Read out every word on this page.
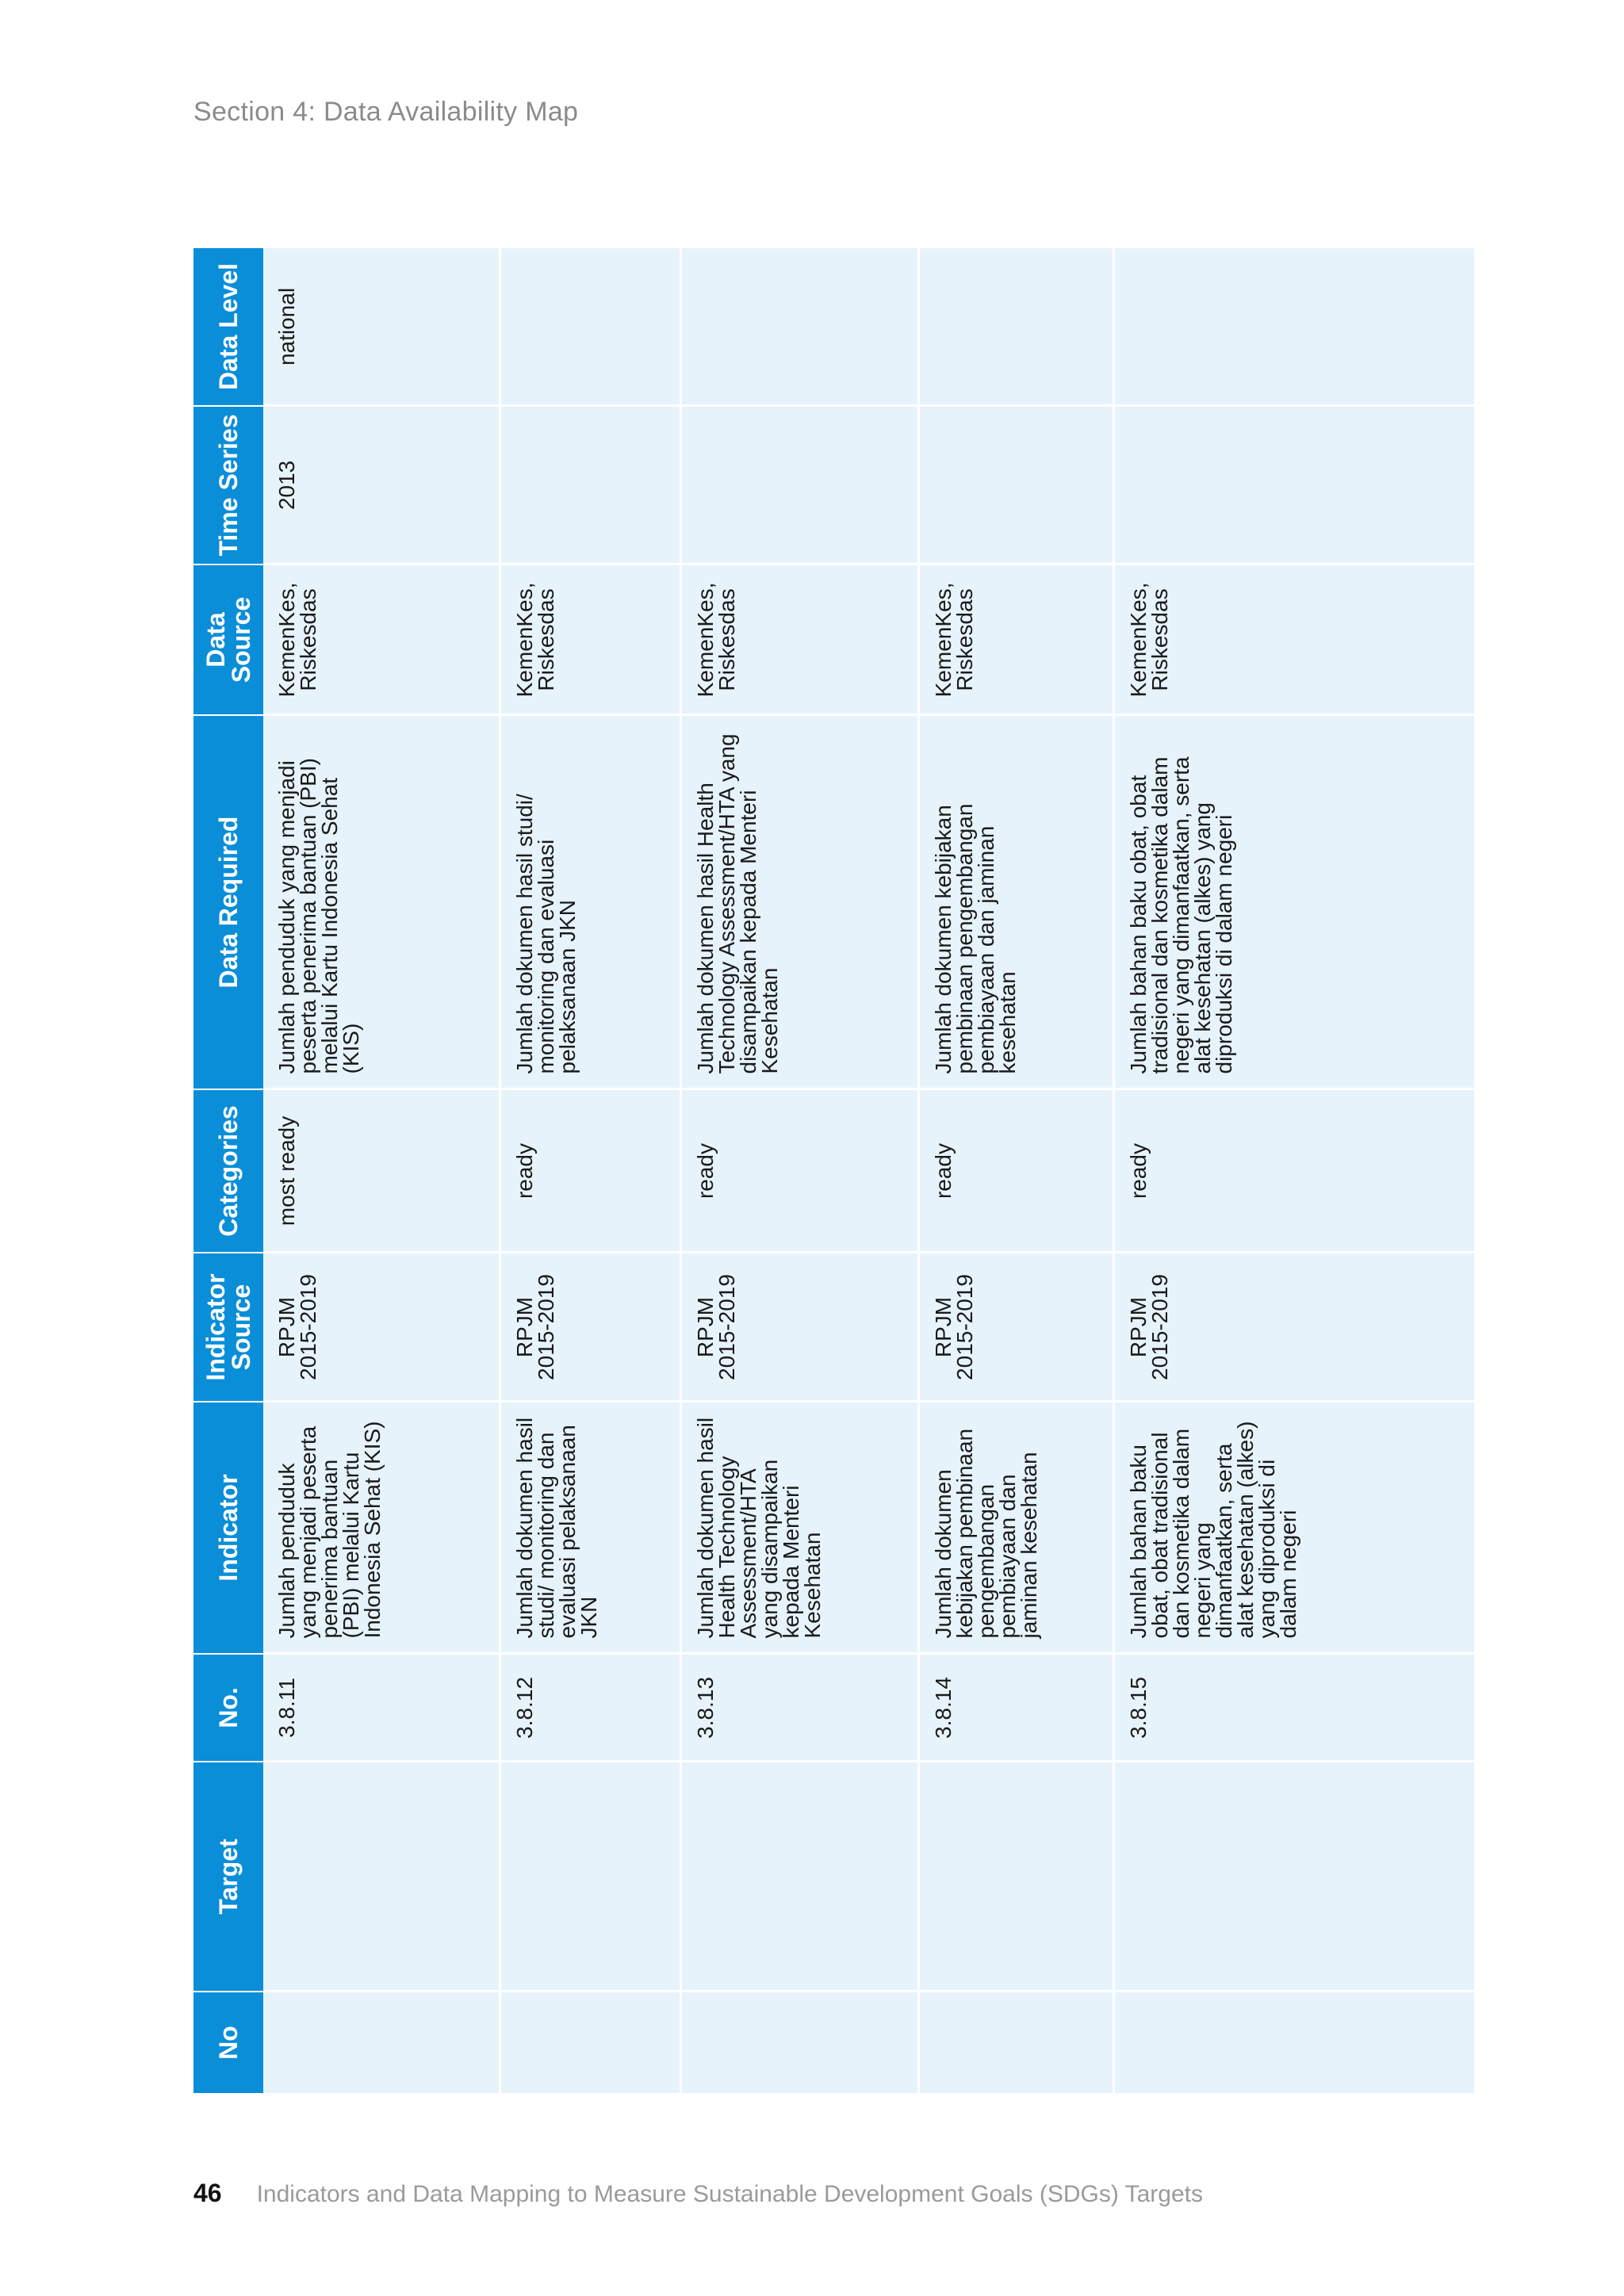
Section 4: Data Availability Map
No	Target	No.	Indicator	Indicator Source	Categories	Data Required	Data Source	Time Series	Data Level
		3.8.11	Jumlah penduduk yang menjadi peserta penerima bantuan (PBI) melalui Kartu Indonesia Sehat (KIS)	RPJM 2015-2019	most ready	Jumlah penduduk yang menjadi peserta penerima bantuan (PBI) melalui Kartu Indonesia Sehat (KIS)	KemenKes, Riskesdas	2013	national
		3.8.12	Jumlah dokumen hasil studi/ monitoring dan evaluasi pelaksanaan JKN	RPJM 2015-2019	ready	Jumlah dokumen hasil studi/ monitoring dan evaluasi pelaksanaan JKN	KemenKes, Riskesdas		
		3.8.13	Jumlah dokumen hasil Health Technology Assessment/HTA yang disampaikan kepada Menteri Kesehatan	RPJM 2015-2019	ready	Jumlah dokumen hasil Health Technology Assessment/HTA yang disampaikan kepada Menteri Kesehatan	KemenKes, Riskesdas		
		3.8.14	Jumlah dokumen kebijakan pembinaan pengembangan pembiayaan dan jaminan kesehatan	RPJM 2015-2019	ready	Jumlah dokumen kebijakan pembinaan pengembangan pembiayaan dan jaminan kesehatan	KemenKes, Riskesdas		
		3.8.15	Jumlah bahan baku obat, obat tradisional dan kosmetika dalam negeri yang dimanfaatkan, serta alat kesehatan (alkes) yang diproduksi di dalam negeri	RPJM 2015-2019	ready	Jumlah bahan baku obat, obat tradisional dan kosmetika dalam negeri yang dimanfaatkan, serta alat kesehatan (alkes) yang diproduksi di dalam negeri	KemenKes, Riskesdas		
46 Indicators and Data Mapping to Measure Sustainable Development Goals (SDGs) Targets
